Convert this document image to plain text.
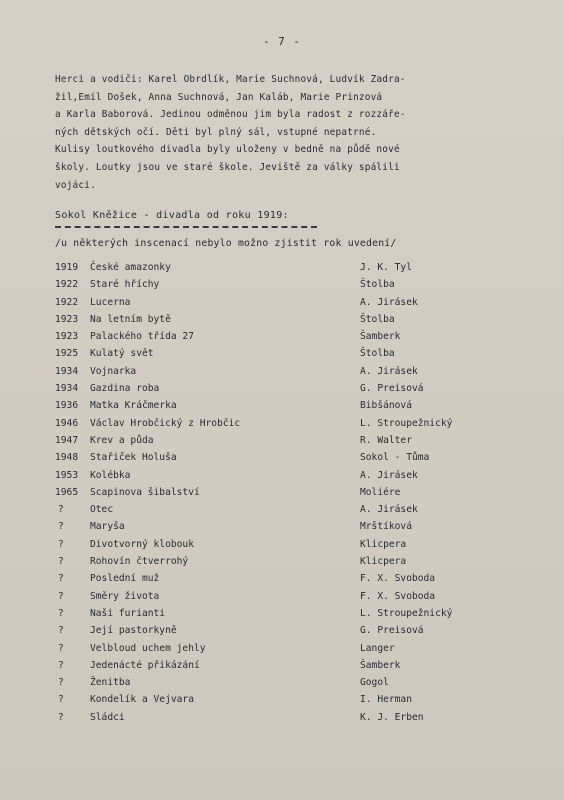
- 7 -
Herci a vodiči: Karel Obrdlík, Marie Suchnová, Ludvík Zadra-
žil,Emil Došek, Anna Suchnová, Jan Kaláb, Marie Prinzová
a Karla Baborová. Jedinou odměnou jim byla radost z rozzáře-
ných dětských očí. Děti byl plný sál, vstupné nepatrné.
Kulisy loutkového divadla byly uloženy v bedně na půdě nové
školy. Loutky jsou ve staré škole. Jeviště za války spálili
vojáci.
Sokol Kněžice - divadla od roku 1919:
/u některých inscenací nebylo možno zjistit rok uvedení/
1919	České amazonky	J. K. Tyl
1922	Staré hříchy	Štolba
1922	Lucerna	A. Jirásek
1923	Na letním bytě	Štolba
1923	Palackého třída 27	Šamberk
1925	Kulatý svět	Štolba
1934	Vojnarka	A. Jirásek
1934	Gazdina roba	G. Preisová
1936	Matka Kráčmerka	Bibšánová
1946	Václav Hrobčický z Hrobčic	L. Stroupežnický
1947	Krev a půda	R. Walter
1948	Stařiček Holuša	Sokol - Tůma
1953	Kolébka	A. Jirásek
1965	Scapinova šibalství	Moliére
?	Otec	A. Jirásek
?	Maryša	Mrštíková
?	Divotvorný klobouk	Klicpera
?	Rohovín čtverrohý	Klicpera
?	Poslední muž	F. X. Svoboda
?	Směry života	F. X. Svoboda
?	Naši furianti	L. Stroupežnický
?	Její pastorkyně	G. Preisová
?	Velbloud uchem jehly	Langer
?	Jedenácté přikázání	Šamberk
?	Ženitba	Gogol
?	Kondelík a Vejvara	I. Herman
?	Sládci	K. J. Erben
